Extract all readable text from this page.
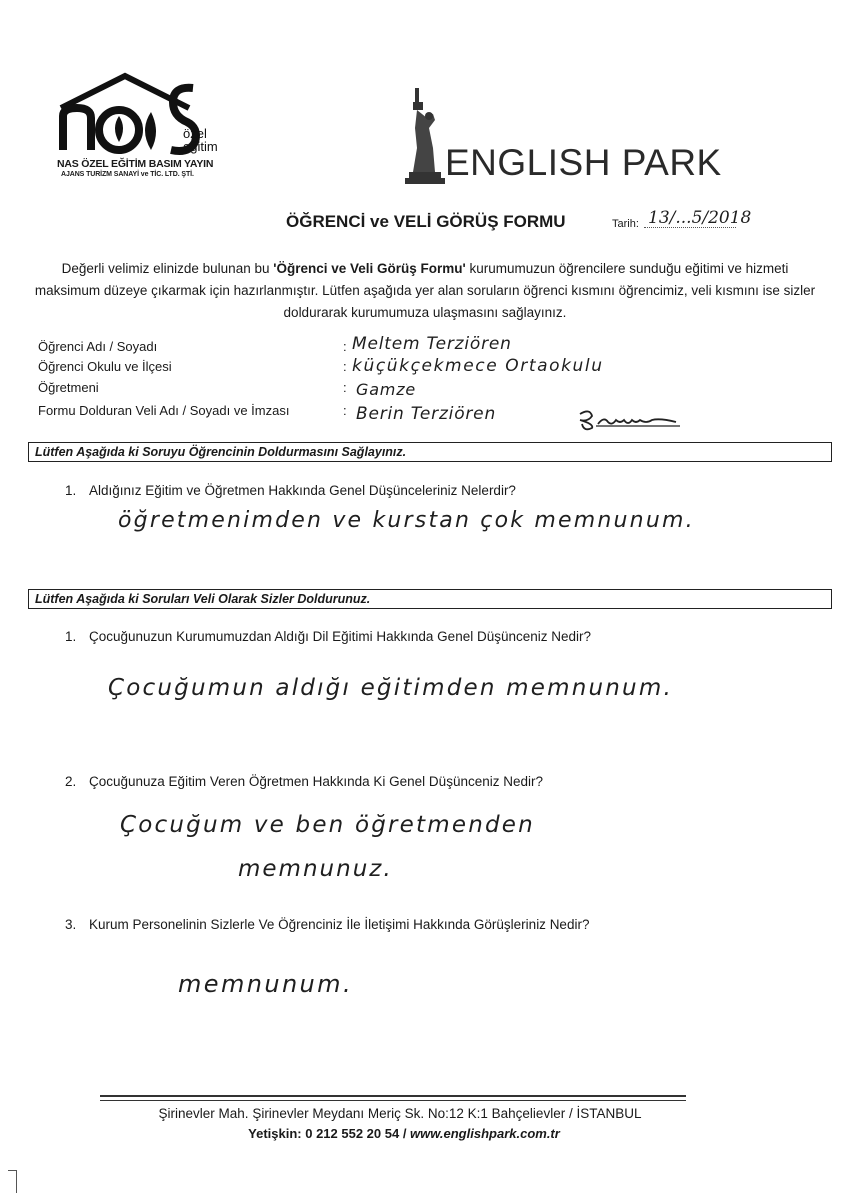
özel
eğitim
NAS ÖZEL EĞİTİM BASIM YAYIN
AJANS TURİZM SANAYİ ve TİC. LTD. ŞTİ.	ENGLISH PARK
ÖĞRENCİ ve VELİ GÖRÜŞ FORMU	Tarih: 13/...5/2018
Değerli velimiz elinizde bulunan bu 'Öğrenci ve Veli Görüş Formu' kurumumuzun öğrencilere sunduğu eğitimi ve hizmeti maksimum düzeye çıkarmak için hazırlanmıştır. Lütfen aşağıda yer alan soruların öğrenci kısmını öğrencimiz, veli kısmını ise sizler doldurarak kurumumuza ulaşmasını sağlayınız.
Öğrenci Adı / Soyadı	: Meltem Terziören
Öğrenci Okulu ve İlçesi	: küçükçekmece Ortaokulu
Öğretmeni	: Gamze
Formu Dolduran Veli Adı / Soyadı ve İmzası	: Berin Terziören
Lütfen Aşağıda ki Soruyu Öğrencinin Doldurmasını Sağlayınız.
1. Aldığınız Eğitim ve Öğretmen Hakkında Genel Düşünceleriniz Nelerdir?
öğretmenimden ve kurstan çok memnunum.
Lütfen Aşağıda ki Soruları Veli Olarak Sizler Doldurunuz.
1. Çocuğunuzun Kurumumuzdan Aldığı Dil Eğitimi Hakkında Genel Düşünceniz Nedir?
Çocuğumun aldığı eğitimden memnunum.
2. Çocuğunuza Eğitim Veren Öğretmen Hakkında Ki Genel Düşünceniz Nedir?
Çocuğum ve ben öğretmenden
memnunuz.
3. Kurum Personelinin Sizlerle Ve Öğrenciniz İle İletişimi Hakkında Görüşleriniz Nedir?
memnunum.
Şirinevler Mah. Şirinevler Meydanı Meriç Sk. No:12 K:1 Bahçelievler / İSTANBUL
Yetişkin: 0 212 552 20 54 / www.englishpark.com.tr
